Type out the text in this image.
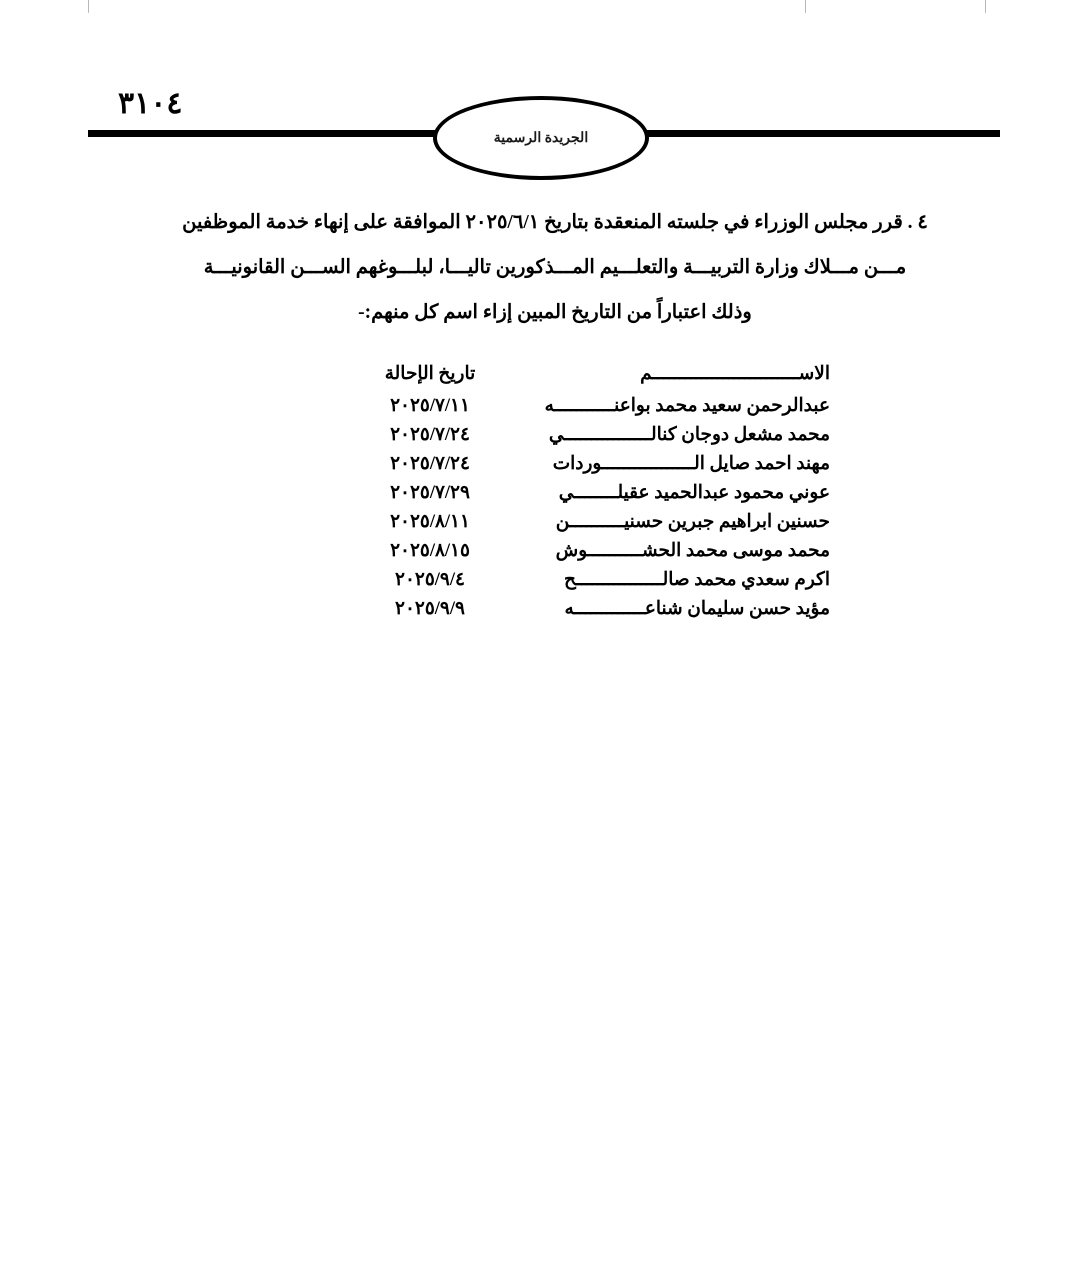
٣١٠٤
الجريدة الرسمية
٤ . قرر مجلس الوزراء في جلسته المنعقدة بتاريخ ٢٠٢٥/٦/١ الموافقة على إنهاء خدمة الموظفين
مـــن مـــلاك وزارة التربيـــة والتعلـــيم المـــذكورين تاليـــا، لبلـــوغهم الســـن القانونيـــة
وذلك اعتباراً من التاريخ المبين إزاء اسم كل منهم:-
الاســـــــــــــــــــــــــــم
تاريخ الإحالة
عبدالرحمن سعيد محمد بواعنـــــــــــه
٢٠٢٥/٧/١١
محمد مشعل دوجان كنالــــــــــــــــي
٢٠٢٥/٧/٢٤
مهند احمد صايل الـــــــــــــــــوردات
٢٠٢٥/٧/٢٤
عوني محمود عبدالحميد عقيلــــــــي
٢٠٢٥/٧/٢٩
حسنين ابراهيم جبرين حسنيــــــــــن
٢٠٢٥/٨/١١
محمد موسى محمد الحشــــــــــوش
٢٠٢٥/٨/١٥
اكرم سعدي محمد صالــــــــــــــــح
٢٠٢٥/٩/٤
مؤيد حسن سليمان شناعـــــــــــــه
٢٠٢٥/٩/٩
